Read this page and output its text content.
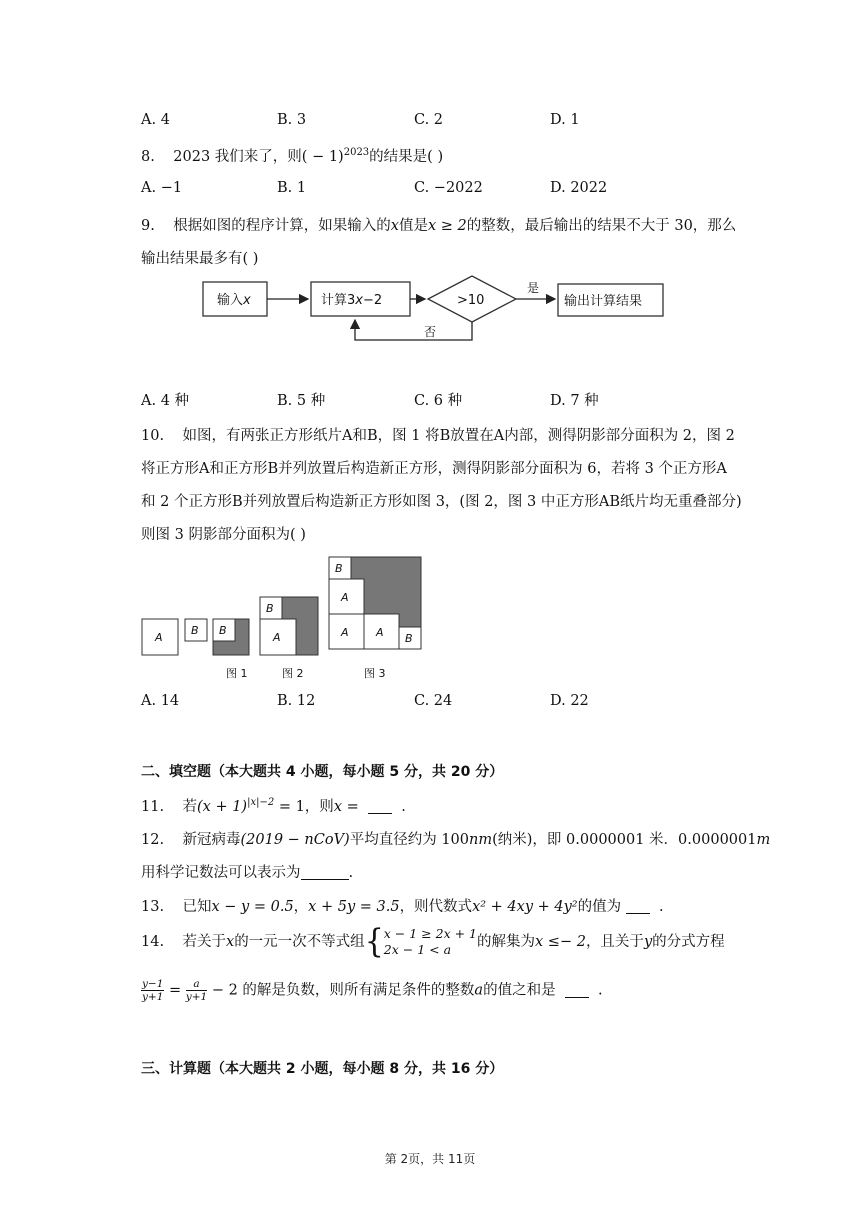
A. 4	B. 3	C. 2	D. 1
8. 2023 我们来了，则( − 1)$^{2023}$的结果是( )
A. −1	B. 1	C. −2022	D. 2022
9. 根据如图的程序计算，如果输入的x值是x ≥ 2的整数，最后输出的结果不大于 30，那么
输出结果最多有( )
输入x	计算3x−2	>10
是
输出计算结果
否
A. 4 种	B. 5 种	C. 6 种	D. 7 种
10. 如图，有两张正方形纸片A和B，图 1 将B放置在A内部，测得阴影部分面积为 2，图 2
将正方形A和正方形B并列放置后构造新正方形，测得阴影部分面积为 6，若将 3 个正方形A
和 2 个正方形B并列放置后构造新正方形如图 3，(图 2，图 3 中正方形AB纸片均无重叠部分)
则图 3 阴影部分面积为( )
A
B B
图 1
B
A
图 2
B
A
A A B
图 3
A. 14	B. 12	C. 24	D. 22
二、填空题（本大题共 4 小题，每小题 5 分，共 20 分）
11. 若$(x + 1)^{|x|-2} = 1$，则x =	.
12. 新冠病毒(2019 − nCoV)平均直径约为 100nm(纳米)，即 0.0000001 米．0.0000001m
用科学记数法可以表示为	.
13. 已知x − y = 0.5，x + 5y = 3.5，则代数式x² + 4xy + 4y²的值为	.
14. 若关于x的一元一次不等式组{ x − 1 ≥ 2x + 1
2x − 1 < a	的解集为x ≤− 2，且关于y的分式方程
$\frac{y-1}{y+1} = \frac{a}{y+1} - 2$ 的解是负数，则所有满足条件的整数a的值之和是	.
三、计算题（本大题共 2 小题，每小题 8 分，共 16 分）
第 2页，共 11页
